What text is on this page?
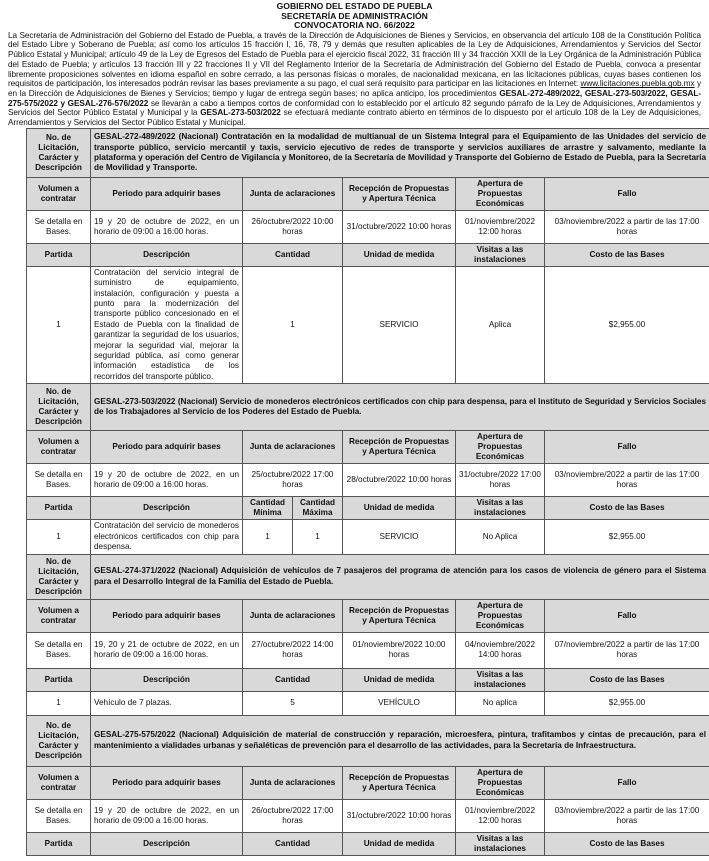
GOBIERNO DEL ESTADO DE PUEBLA
SECRETARÍA DE ADMINISTRACIÓN
CONVOCATORIA NO. 66/2022
La Secretaría de Administración del Gobierno del Estado de Puebla, a través de la Dirección de Adquisiciones de Bienes y Servicios, en observancia del artículo 108 de la Constitución Política del Estado Libre y Soberano de Puebla; así como los artículos 15 fracción I, 16, 78, 79 y demás que resulten aplicables de la Ley de Adquisiciones, Arrendamientos y Servicios del Sector Público Estatal y Municipal; artículo 49 de la Ley de Egresos del Estado de Puebla para el ejercicio fiscal 2022, 31 fracción III y 34 fracción XXII de la Ley Orgánica de la Administración Pública del Estado de Puebla; y artículos 13 fracción III y 22 fracciones II y VII del Reglamento Interior de la Secretaría de Administración del Gobierno del Estado de Puebla, convoca a presentar libremente proposiciones solventes en idioma español en sobre cerrado, a las personas físicas o morales, de nacionalidad mexicana, en las licitaciones públicas, cuyas bases contienen los requisitos de participación, los interesados podrán revisar las bases previamente a su pago, el cual será requisito para participar en las licitaciones en Internet: www.licitaciones.puebla.gob.mx y en la Dirección de Adquisiciones de Bienes y Servicios; tiempo y lugar de entrega según bases; no aplica anticipo, los procedimientos GESAL-272-489/2022, GESAL-273-503/2022, GESAL-275-575/2022 y GESAL-276-576/2022 se llevarán a cabo a tiempos cortos de conformidad con lo establecido por el artículo 82 segundo párrafo de la Ley de Adquisiciones, Arrendamientos y Servicios del Sector Público Estatal y Municipal y la GESAL-273-503/2022 se efectuará mediante contrato abierto en términos de lo dispuesto por el artículo 108 de la Ley de Adquisiciones, Arrendamientos y Servicios del Sector Público Estatal y Municipal.
No. de Licitación, Carácter y Descripción	GESAL-272-489/2022 (Nacional) Contratación en la modalidad de multianual de un Sistema Integral para el Equipamiento de las Unidades del servicio de transporte público, servicio mercantil y taxis, servicio ejecutivo de redes de transporte y servicios auxiliares de arrastre y salvamento, mediante la plataforma y operación del Centro de Vigilancia y Monitoreo, de la Secretaría de Movilidad y Transporte del Gobierno de Estado de Puebla, para la Secretaría de Movilidad y Transporte.					
Volumen a contratar	Periodo para adquirir bases	Junta de aclaraciones		Recepción de Propuestas y Apertura Técnica	Apertura de Propuestas Económicas	Fallo
Se detalla en Bases.	19 y 20 de octubre de 2022, en un horario de 09:00 a 16:00 horas.	26/octubre/2022 10:00 horas		31/octubre/2022 10:00 horas	01/noviembre/2022 12:00 horas	03/noviembre/2022 a partir de las 17:00 horas
Partida	Descripción	Cantidad		Unidad de medida	Visitas a las instalaciones	Costo de las Bases
1	Contratación del servicio integral de suministro de equipamiento, instalación, configuración y puesta a punto para la modernización del transporte público concesionado en el Estado de Puebla con la finalidad de garantizar la seguridad de los usuarios, mejorar la seguridad vial, mejorar la seguridad pública, así como generar información estadística de los recorridos del transporte público.	1		SERVICIO	Aplica	$2,955.00
No. de Licitación, Carácter y Descripción	GESAL-273-503/2022 (Nacional) Servicio de monederos electrónicos certificados con chip para despensa, para el Instituto de Seguridad y Servicios Sociales de los Trabajadores al Servicio de los Poderes del Estado de Puebla.					
Volumen a contratar	Periodo para adquirir bases	Junta de aclaraciones		Recepción de Propuestas y Apertura Técnica	Apertura de Propuestas Económicas	Fallo
Se detalla en Bases.	19 y 20 de octubre de 2022, en un horario de 09:00 a 16:00 horas.	25/octubre/2022 17:00 horas		28/octubre/2022 10:00 horas	31/octubre/2022 17:00 horas	03/noviembre/2022 a partir de las 17:00 horas
Partida	Descripción	Cantidad Mínima	Cantidad Máxima	Unidad de medida	Visitas a las instalaciones	Costo de las Bases
1	Contratación del servicio de monederos electrónicos certificados con chip para despensa.	1	1	SERVICIO	No Aplica	$2,955.00
No. de Licitación, Carácter y Descripción	GESAL-274-371/2022 (Nacional) Adquisición de vehículos de 7 pasajeros del programa de atención para los casos de violencia de género para el Sistema para el Desarrollo Integral de la Familia del Estado de Puebla.					
Volumen a contratar	Periodo para adquirir bases	Junta de aclaraciones		Recepción de Propuestas y Apertura Técnica	Apertura de Propuestas Económicas	Fallo
Se detalla en Bases.	19, 20 y 21 de octubre de 2022, en un horario de 09:00 a 16:00 horas.	27/octubre/2022 14:00 horas		01/noviembre/2022 10:00 horas	04/noviembre/2022 14:00 horas	07/noviembre/2022 a partir de las 17:00 horas
Partida	Descripción	Cantidad		Unidad de medida	Visitas a las instalaciones	Costo de las Bases
1	Vehículo de 7 plazas.	5		VEHÍCULO	No aplica	$2,955.00
No. de Licitación, Carácter y Descripción	GESAL-275-575/2022 (Nacional) Adquisición de material de construcción y reparación, microesfera, pintura, trafitambos y cintas de precaución, para el mantenimiento a vialidades urbanas y señaléticas de prevención para el desarrollo de las actividades, para la Secretaría de Infraestructura.					
Volumen a contratar	Periodo para adquirir bases	Junta de aclaraciones		Recepción de Propuestas y Apertura Técnica	Apertura de Propuestas Económicas	Fallo
Se detalla en Bases.	19 y 20 de octubre de 2022, en un horario de 09:00 a 16:00 horas.	26/octubre/2022 17:00 horas		31/octubre/2022 10:00 horas	01/noviembre/2022 12:00 horas	03/noviembre/2022 a partir de las 17:00 horas
Partida	Descripción	Cantidad		Unidad de medida	Visitas a las instalaciones	Costo de las Bases
